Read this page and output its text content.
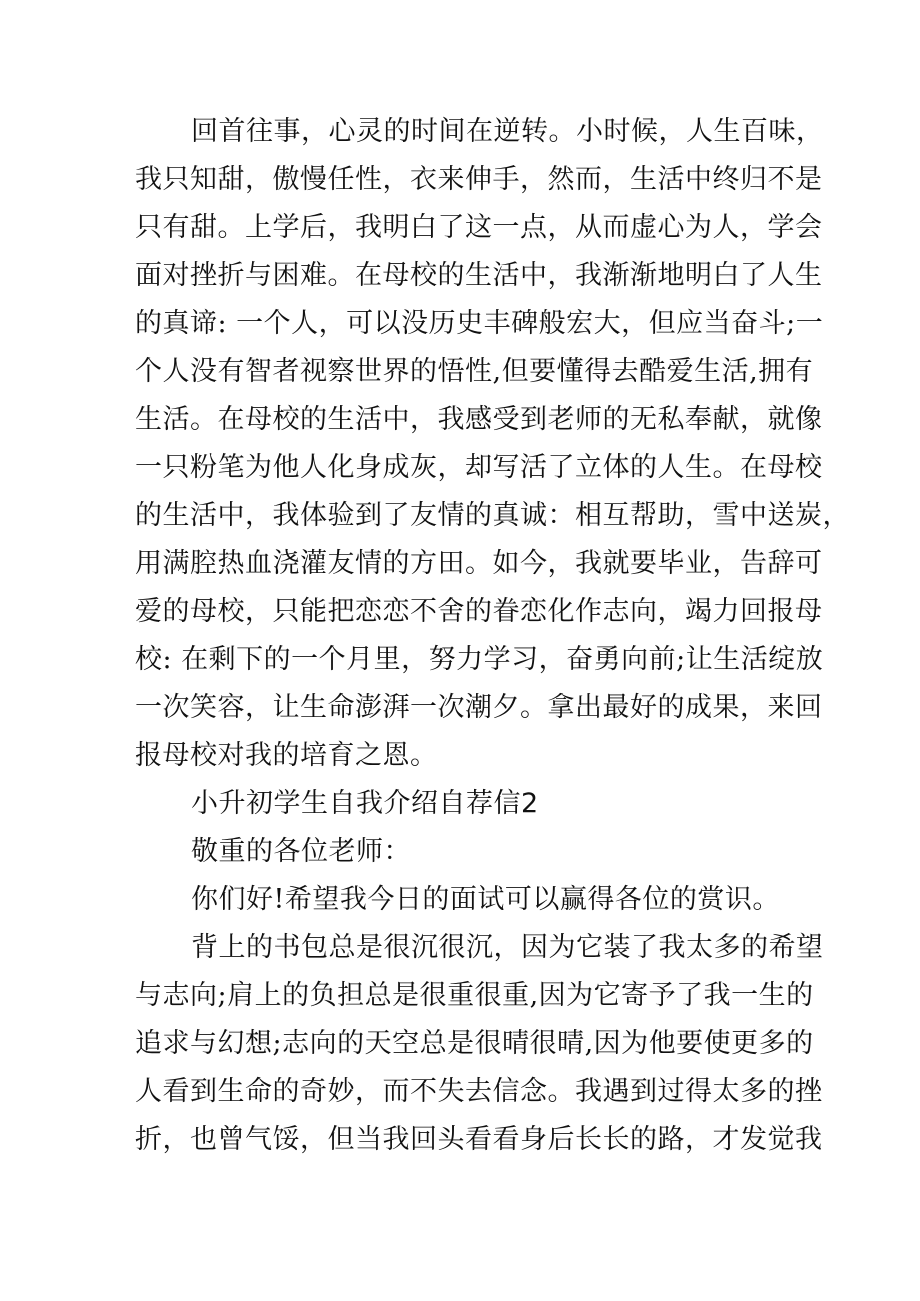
回首往事，心灵的时间在逆转。小时候，人生百味，
我只知甜，傲慢任性，衣来伸手，然而，生活中终归不是
只有甜。上学后，我明白了这一点，从而虚心为人，学会
面对挫折与困难。在母校的生活中，我渐渐地明白了人生
的真谛: 一个人，可以没历史丰碑般宏大，但应当奋斗;一
个人没有智者视察世界的悟性,但要懂得去酷爱生活,拥有
生活。在母校的生活中，我感受到老师的无私奉献，就像
一只粉笔为他人化身成灰，却写活了立体的人生。在母校
的生活中，我体验到了友情的真诚：相互帮助，雪中送炭，
用满腔热血浇灌友情的方田。如今，我就要毕业，告辞可
爱的母校，只能把恋恋不舍的眷恋化作志向，竭力回报母
校: 在剩下的一个月里，努力学习，奋勇向前;让生活绽放
一次笑容，让生命澎湃一次潮夕。拿出最好的成果，来回
报母校对我的培育之恩。
小升初学生自我介绍自荐信2
敬重的各位老师：
你们好!希望我今日的面试可以赢得各位的赏识。
背上的书包总是很沉很沉，因为它装了我太多的希望
与志向;肩上的负担总是很重很重,因为它寄予了我一生的
追求与幻想;志向的天空总是很晴很晴,因为他要使更多的
人看到生命的奇妙，而不失去信念。我遇到过得太多的挫
折，也曾气馁，但当我回头看看身后长长的路，才发觉我
